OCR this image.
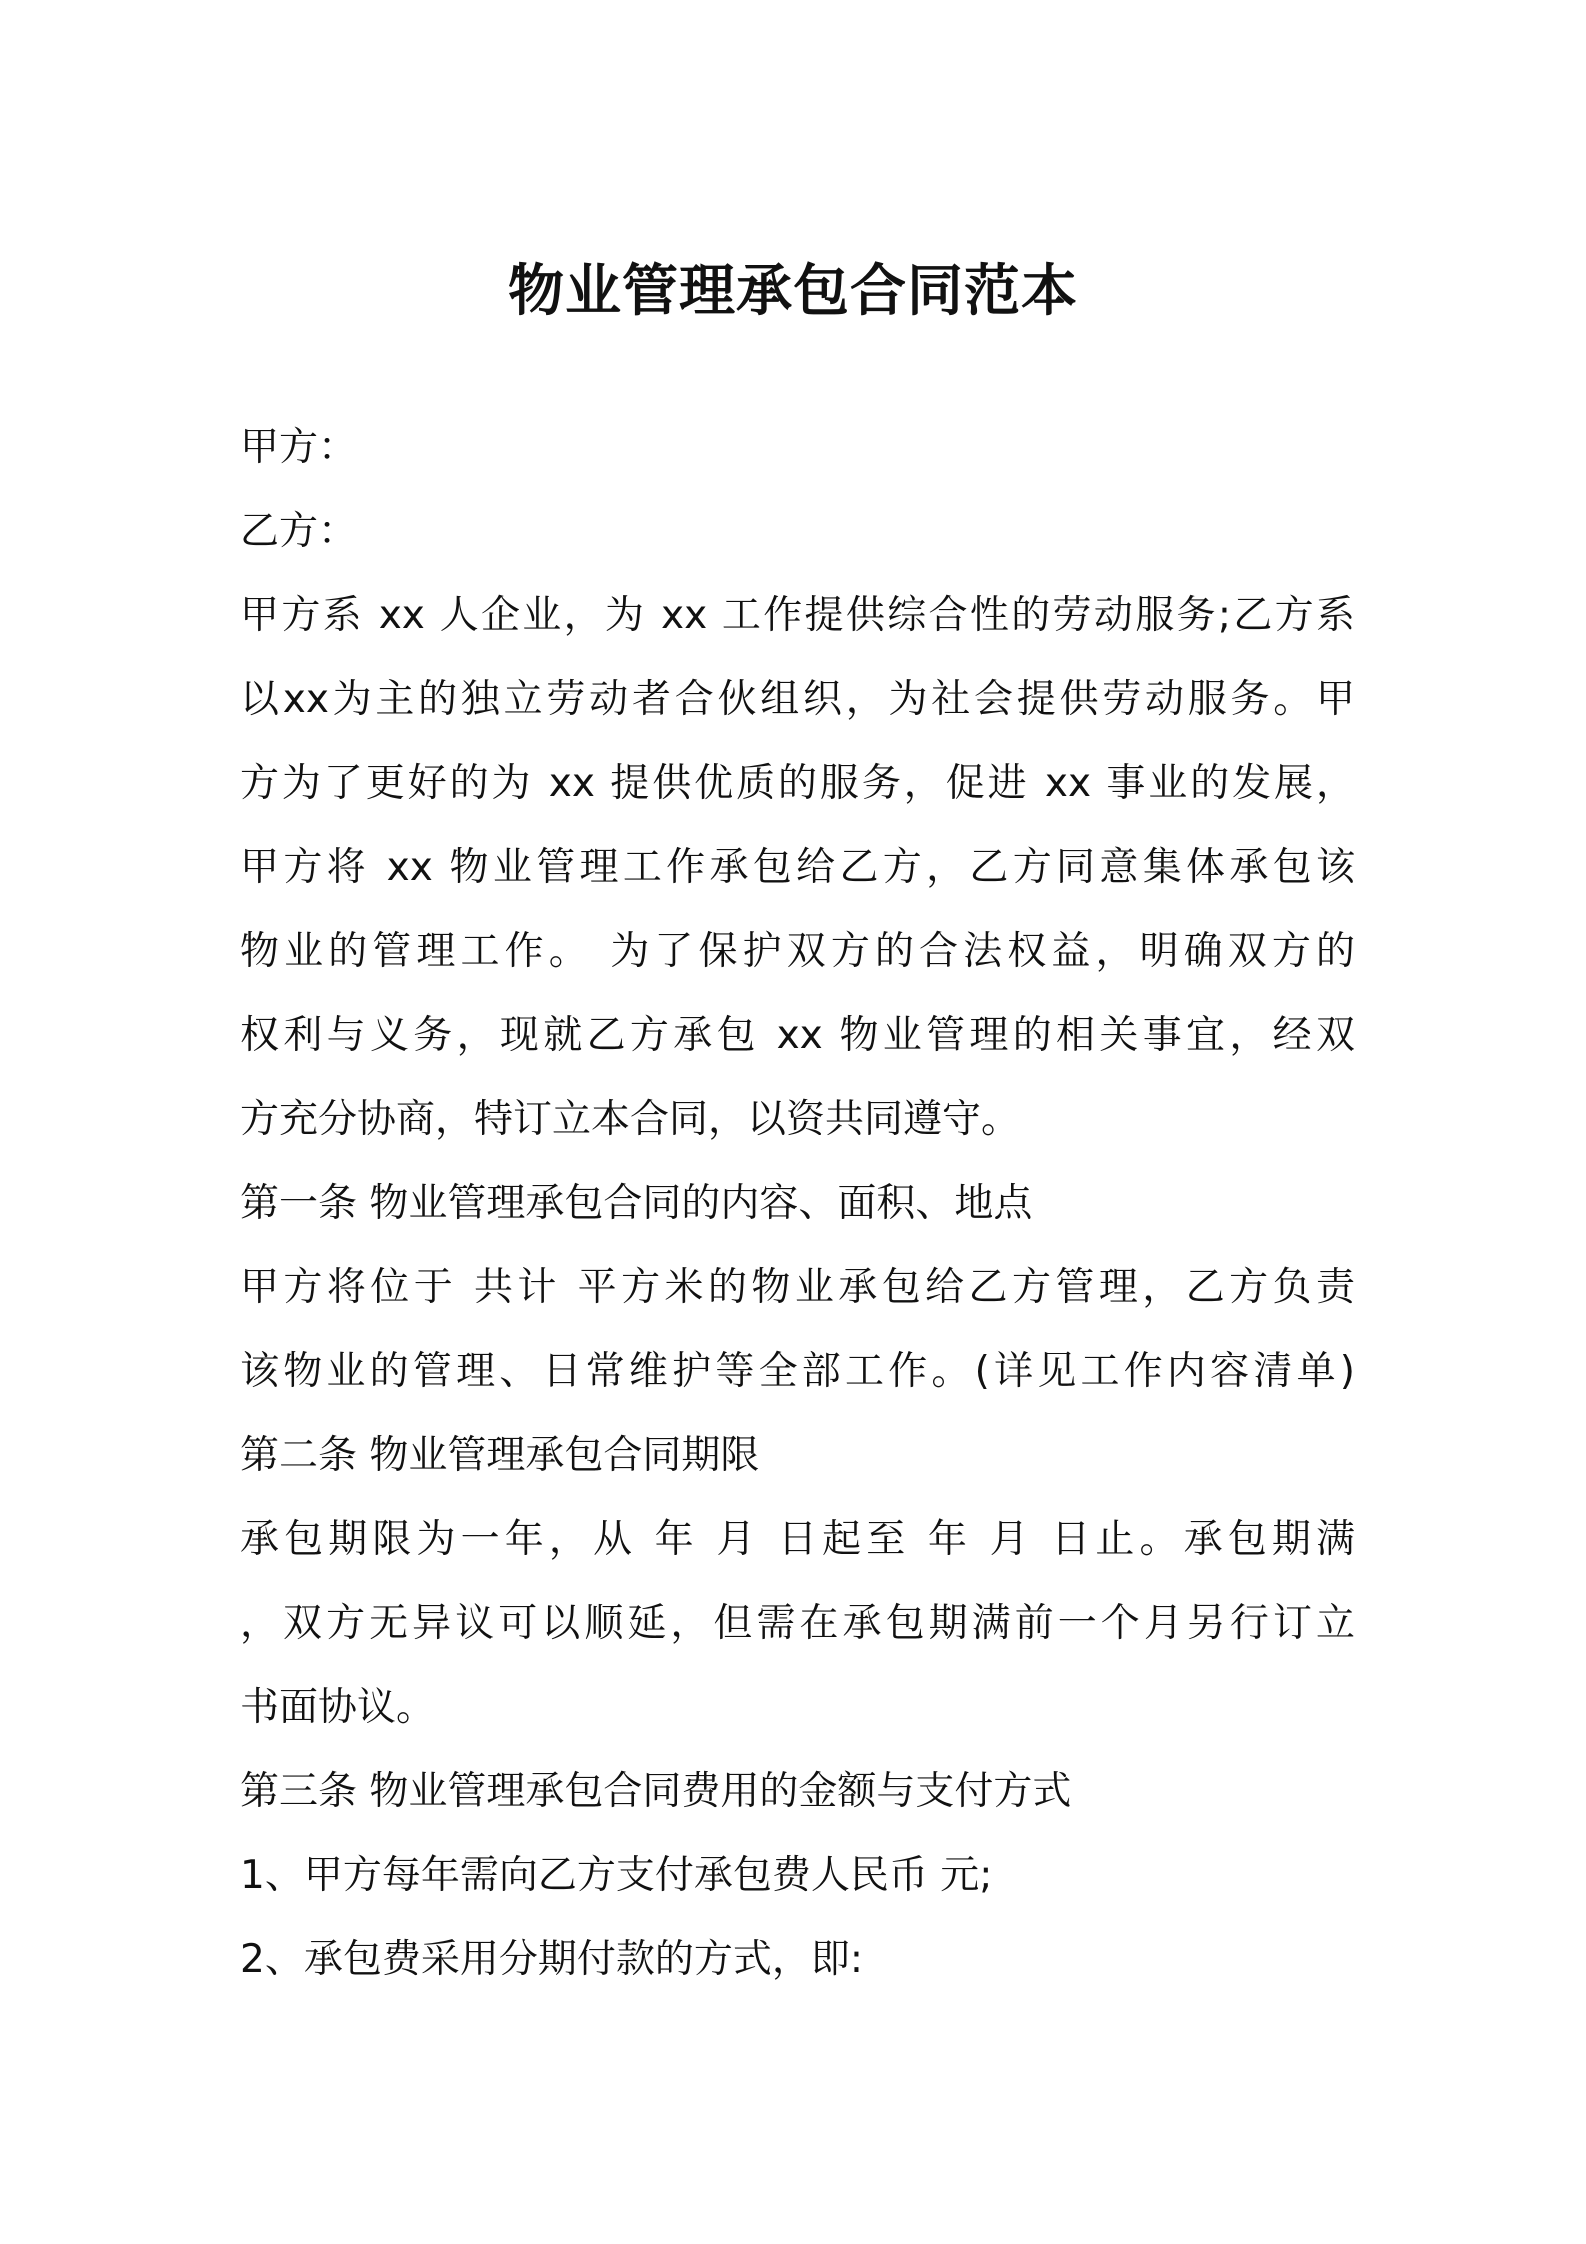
物业管理承包合同范本
甲方：
乙方：
甲方系 xx 人企业，为 xx 工作提供综合性的劳动服务;乙方系
以xx为主的独立劳动者合伙组织，为社会提供劳动服务。甲
方为了更好的为 xx 提供优质的服务，促进 xx 事业的发展，
甲方将 xx 物业管理工作承包给乙方，乙方同意集体承包该
物业的管理工作。 为了保护双方的合法权益，明确双方的
权利与义务，现就乙方承包 xx 物业管理的相关事宜，经双
方充分协商，特订立本合同，以资共同遵守。
第一条 物业管理承包合同的内容、面积、地点
甲方将位于 共计 平方米的物业承包给乙方管理，乙方负责
该物业的管理、日常维护等全部工作。(详见工作内容清单)
第二条 物业管理承包合同期限
承包期限为一年，从 年 月 日起至 年 月 日止。承包期满
，双方无异议可以顺延，但需在承包期满前一个月另行订立
书面协议。
第三条 物业管理承包合同费用的金额与支付方式
1、甲方每年需向乙方支付承包费人民币 元;
2、承包费采用分期付款的方式，即:
